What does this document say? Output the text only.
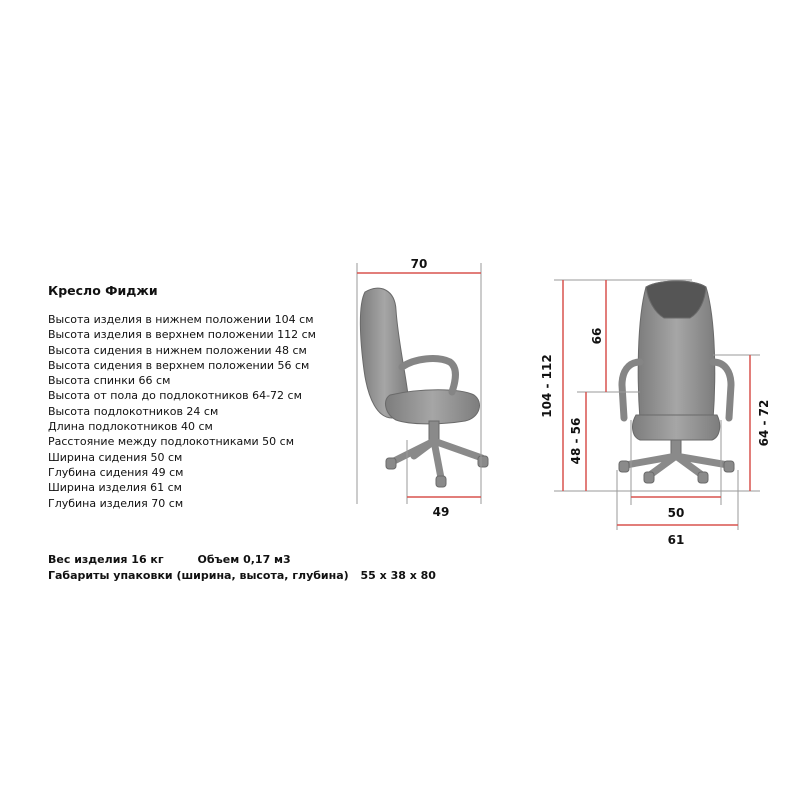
Кресло Фиджи
Высота изделия в нижнем положении 104 см
Высота изделия в верхнем положении 112 см
Высота сидения в нижнем положении 48 см
Высота сидения в верхнем положении 56 см
Высота спинки 66 см
Высота от пола до подлокотников 64-72 см
Высота подлокотников 24 см
Длина подлокотников 40 см
Расстояние между подлокотниками 50 см
Ширина сидения 50 см
Глубина сидения 49 см
Ширина изделия 61 см
Глубина изделия 70 см
Вес изделия 16 кг	Объем 0,17 м3
Габариты упаковки (ширина, высота, глубина) 55 х 38 х 80
70
49
104 - 112
48 - 56
66
64 - 72
50
61
